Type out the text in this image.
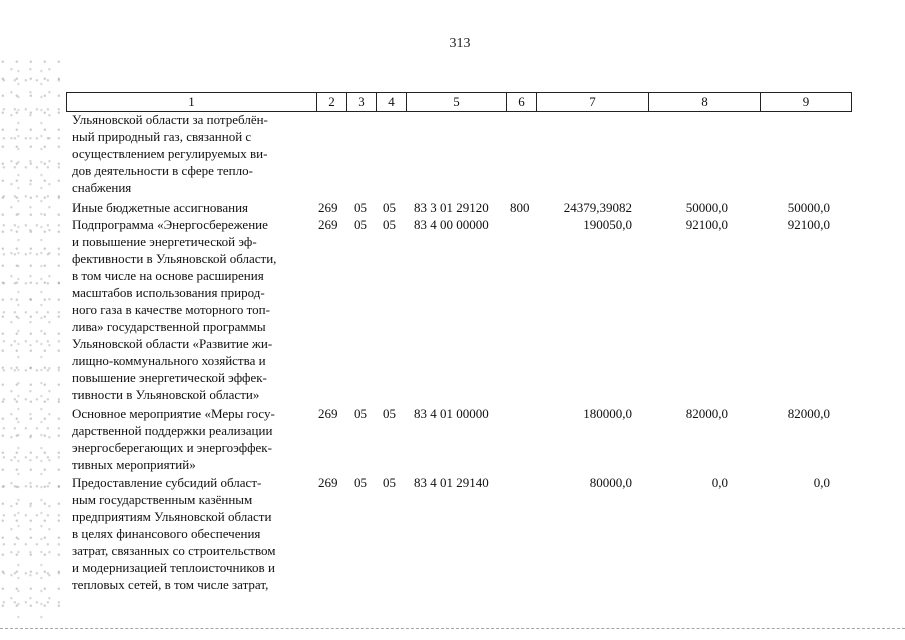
313
1	2	3	4	5	6	7	8	9
Ульяновской области за потреблён-
ный природный газ, связанной с
осуществлением регулируемых ви-
дов деятельности в сфере тепло-
снабжения
Иные бюджетные ассигнования	269 05 05 83 3 01 29120 800	24379,39082	50000,0	50000,0
Подпрограмма «Энергосбережение
и повышение энергетической эф-
фективности в Ульяновской области,
в том числе на основе расширения
масштабов использования природ-
ного газа в качестве моторного топ-
лива» государственной программы
Ульяновской области «Развитие жи-
лищно-коммунального хозяйства и
повышение энергетической эффек-
тивности в Ульяновской области»
269 05 05 83 4 00 00000	190050,0	92100,0	92100,0
Основное мероприятие «Меры госу-
дарственной поддержки реализации
энергосберегающих и энергоэффек-
тивных мероприятий»
269 05 05 83 4 01 00000	180000,0	82000,0	82000,0
Предоставление субсидий област-
ным государственным казённым
предприятиям Ульяновской области
в целях финансового обеспечения
затрат, связанных со строительством
и модернизацией теплоисточников и
тепловых сетей, в том числе затрат,
269 05 05 83 4 01 29140	80000,0	0,0	0,0
